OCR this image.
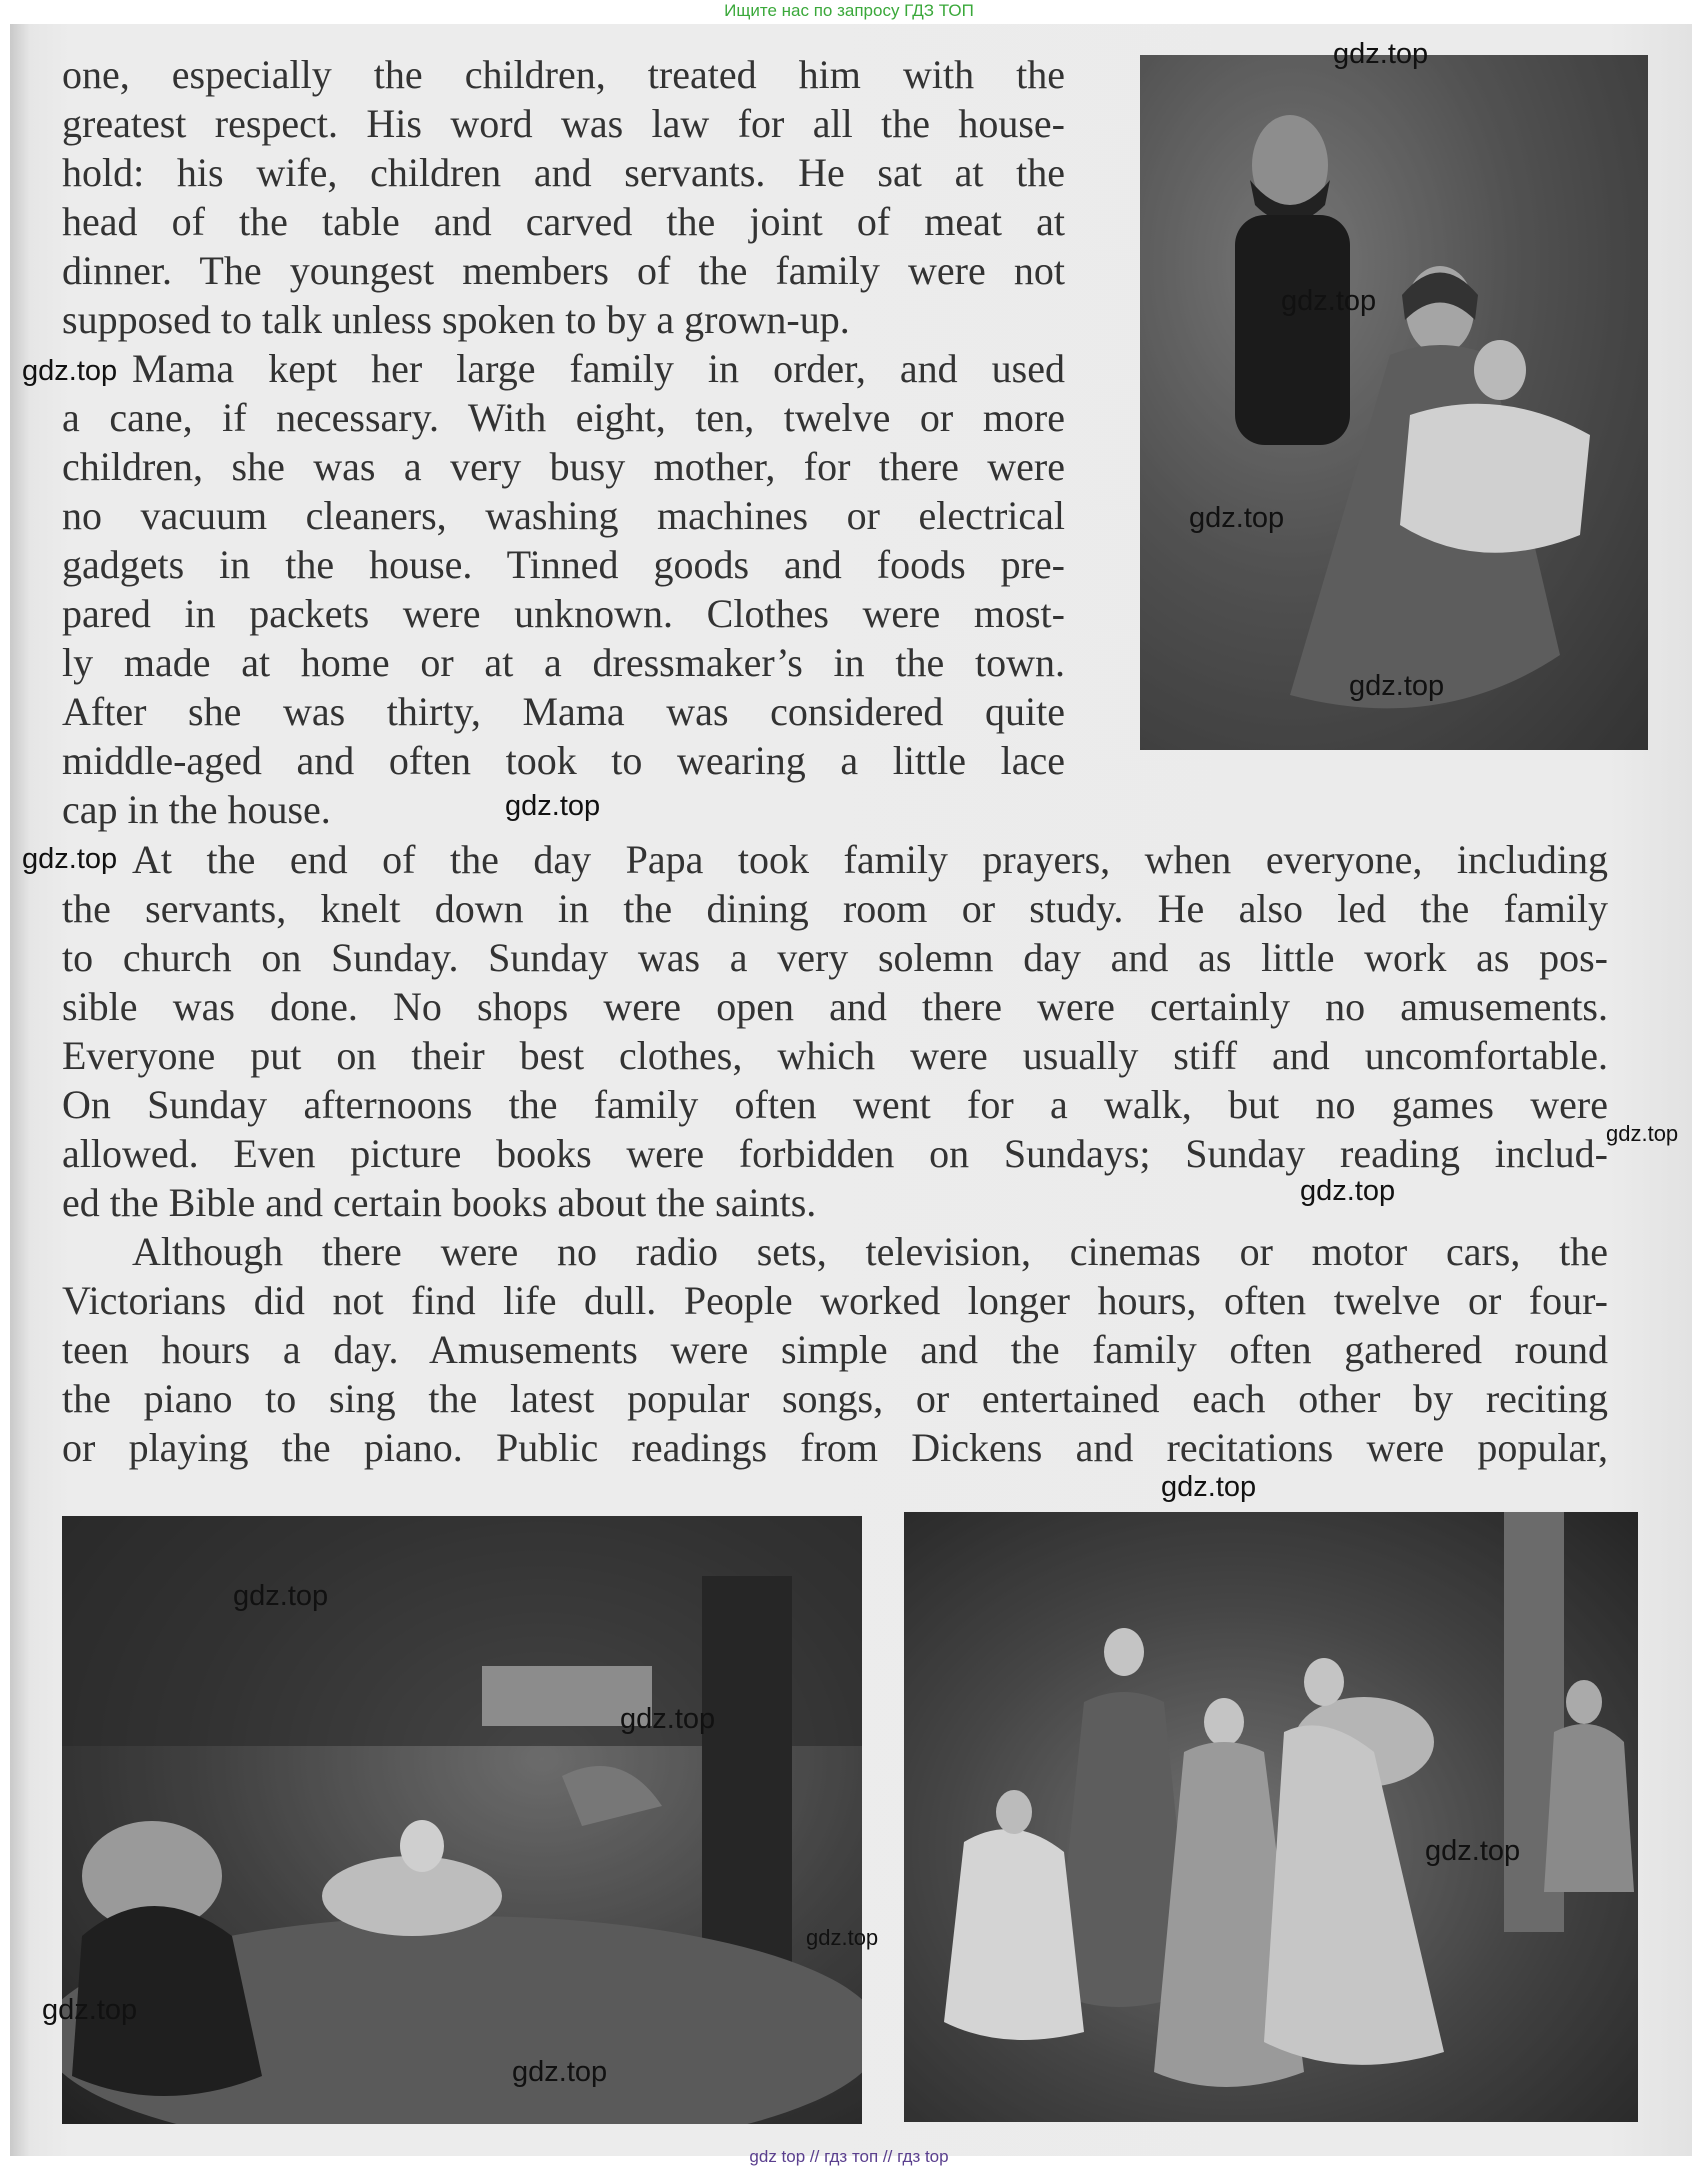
Ищите нас по запросу ГДЗ ТОП
one, especially the children, treated him with the
greatest respect. His word was law for all the house-
hold: his wife, children and servants. He sat at the
head of the table and carved the joint of meat at
dinner. The youngest members of the family were not
supposed to talk unless spoken to by a grown-up.
Mama kept her large family in order, and used
a cane, if necessary. With eight, ten, twelve or more
children, she was a very busy mother, for there were
no vacuum cleaners, washing machines or electrical
gadgets in the house. Tinned goods and foods pre-
pared in packets were unknown. Clothes were most-
ly made at home or at a dressmaker’s in the town.
After she was thirty, Mama was considered quite
middle-aged and often took to wearing a little lace
cap in the house.
At the end of the day Papa took family prayers, when everyone, including
the servants, knelt down in the dining room or study. He also led the family
to church on Sunday. Sunday was a very solemn day and as little work as pos-
sible was done. No shops were open and there were certainly no amusements.
Everyone put on their best clothes, which were usually stiff and uncomfortable.
On Sunday afternoons the family often went for a walk, but no games were
allowed. Even picture books were forbidden on Sundays; Sunday reading includ-
ed the Bible and certain books about the saints.
Although there were no radio sets, television, cinemas or motor cars, the
Victorians did not find life dull. People worked longer hours, often twelve or four-
teen hours a day. Amusements were simple and the family often gathered round
the piano to sing the latest popular songs, or entertained each other by reciting
or playing the piano. Public readings from Dickens and recitations were popular,
gdz.top
gdz.top
gdz.top
gdz.top
gdz.top
gdz.top
gdz.top
gdz.top
gdz.top
gdz.top
gdz.top
gdz.top
gdz.top
gdz.top
gdz.top
gdz.top
gdz top // гдз топ // гдз top
